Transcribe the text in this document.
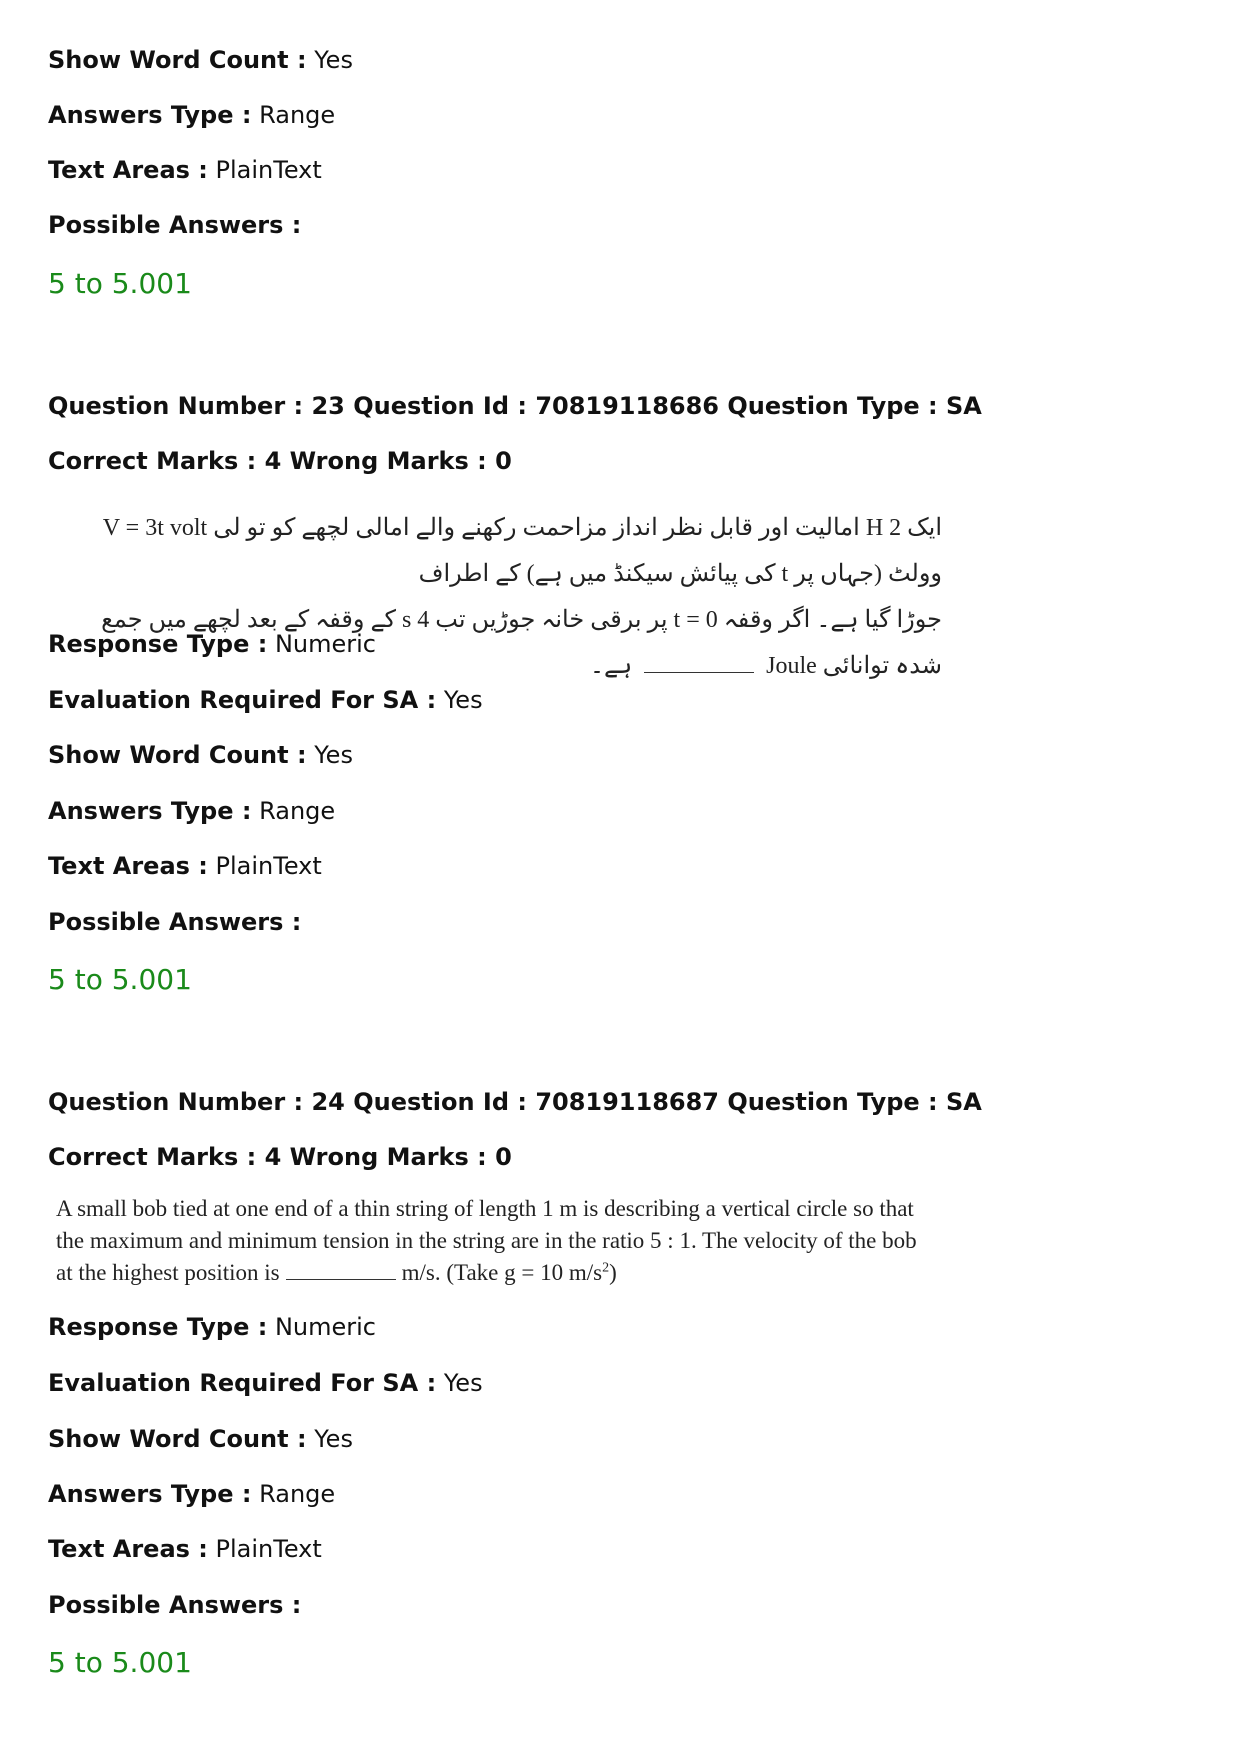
Show Word Count : Yes
Answers Type : Range
Text Areas : PlainText
Possible Answers :
5 to 5.001
Question Number : 23 Question Id : 70819118686 Question Type : SA
Correct Marks : 4 Wrong Marks : 0
ایک 2 H امالیت اور قابل نظر انداز مزاحمت رکھنے والے امالی لچھے کو تو لی V = 3t volt وولٹ (جہاں پر t کی پیائش سیکنڈ میں ہے) کے اطراف
جوڑا گیا ہے۔ اگر وقفہ t = 0 پر برقی خانہ جوڑیں تب 4 s کے وقفہ کے بعد لچھے میں جمع شدہ توانائی Joule  ہے۔
Response Type : Numeric
Evaluation Required For SA : Yes
Show Word Count : Yes
Answers Type : Range
Text Areas : PlainText
Possible Answers :
5 to 5.001
Question Number : 24 Question Id : 70819118687 Question Type : SA
Correct Marks : 4 Wrong Marks : 0
A small bob tied at one end of a thin string of length 1 m is describing a vertical circle so that
the maximum and minimum tension in the string are in the ratio 5 : 1. The velocity of the bob
at the highest position is	m/s. (Take g = 10 $m/s^2$)
Response Type : Numeric
Evaluation Required For SA : Yes
Show Word Count : Yes
Answers Type : Range
Text Areas : PlainText
Possible Answers :
5 to 5.001
